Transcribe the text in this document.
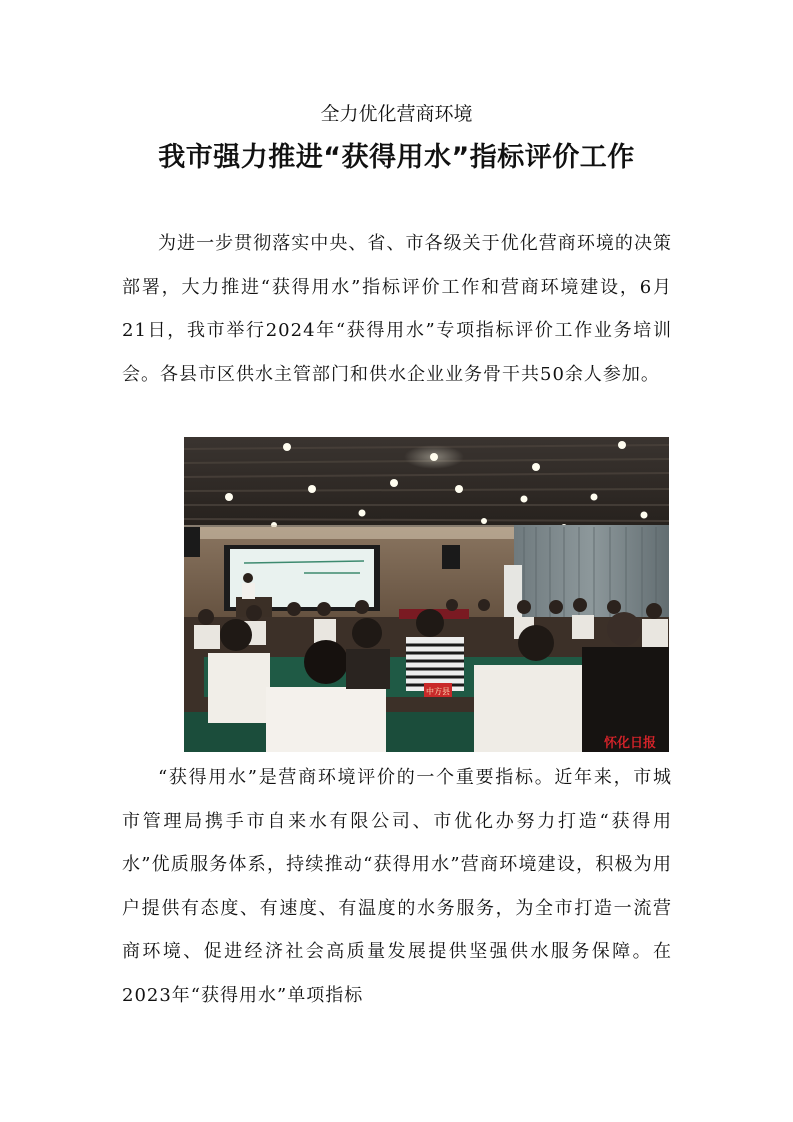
全力优化营商环境
我市强力推进“获得用水”指标评价工作

为进一步贯彻落实中央、省、市各级关于优化营商环境的决策部署，大力推进“获得用水”指标评价工作和营商环境建设，6月21日，我市举行2024年“获得用水”专项指标评价工作业务培训会。各县市区供水主管部门和供水企业业务骨干共50余人参加。

中方县
怀化日报

“获得用水”是营商环境评价的一个重要指标。近年来，市城市管理局携手市自来水有限公司、市优化办努力打造“获得用水”优质服务体系，持续推动“获得用水”营商环境建设，积极为用户提供有态度、有速度、有温度的水务服务，为全市打造一流营商环境、促进经济社会高质量发展提供坚强供水服务保障。在2023年“获得用水”单项指标
